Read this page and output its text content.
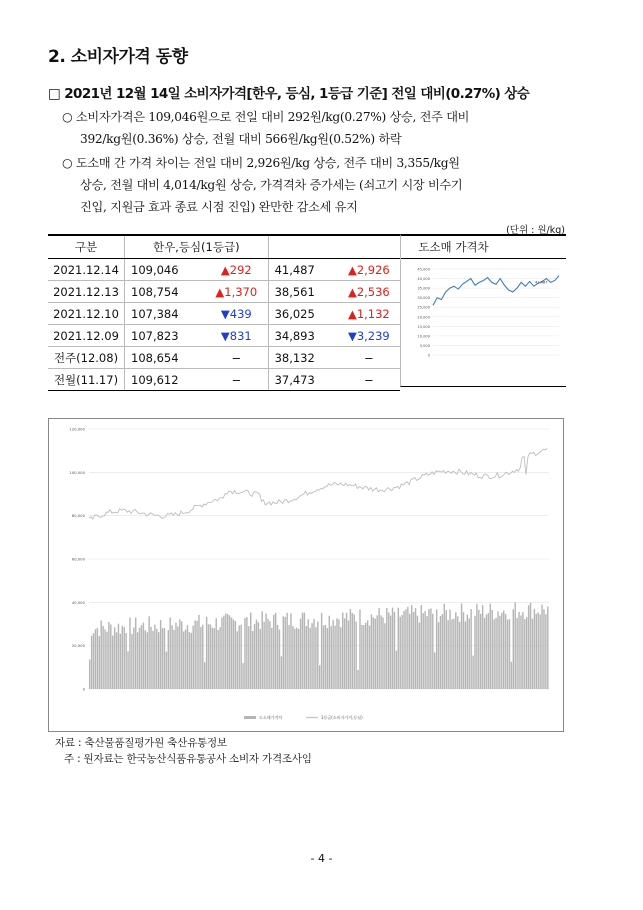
2. 소비자가격 동향
□ 2021년 12월 14일 소비자가격[한우, 등심, 1등급 기준] 전일 대비(0.27%) 상승
○ 소비자가격은 109,046원으로 전일 대비 292원/kg(0.27%) 상승, 전주 대비
392/kg원(0.36%) 상승, 전월 대비 566원/kg원(0.52%) 하락
○ 도소매 간 가격 차이는 전일 대비 2,926원/kg 상승, 전주 대비 3,355/kg원
상승, 전월 대비 4,014/kg원 상승, 가격격차 증가세는 (쇠고기 시장 비수기
진입, 지원금 효과 종료 시점 진입) 완만한 감소세 유지
(단위 : 원/kg)
구분	한우,등심(1등급)			
2021.12.14	109,046	▲292	41,487	▲2,926
2021.12.13	108,754	▲1,370	38,561	▲2,536
2021.12.10	107,384	▼439	36,025	▲1,132
2021.12.09	107,823	▼831	34,893	▼3,239
전주(12.08)	108,654	−	38,132	−
전월(11.17)	109,612	−	37,473	−
도소매 가격차
0
5,000
10,000
15,000
20,000
25,000
30,000
35,000
40,000
45,000
41,487
0
20,000
40,000
60,000
80,000
100,000
120,000
도소매가격차	1등급(소비자가격,등심)
자료 : 축산물품질평가원 축산유통정보
주 : 원자료는 한국농산식품유통공사 소비자 가격조사임
- 4 -
